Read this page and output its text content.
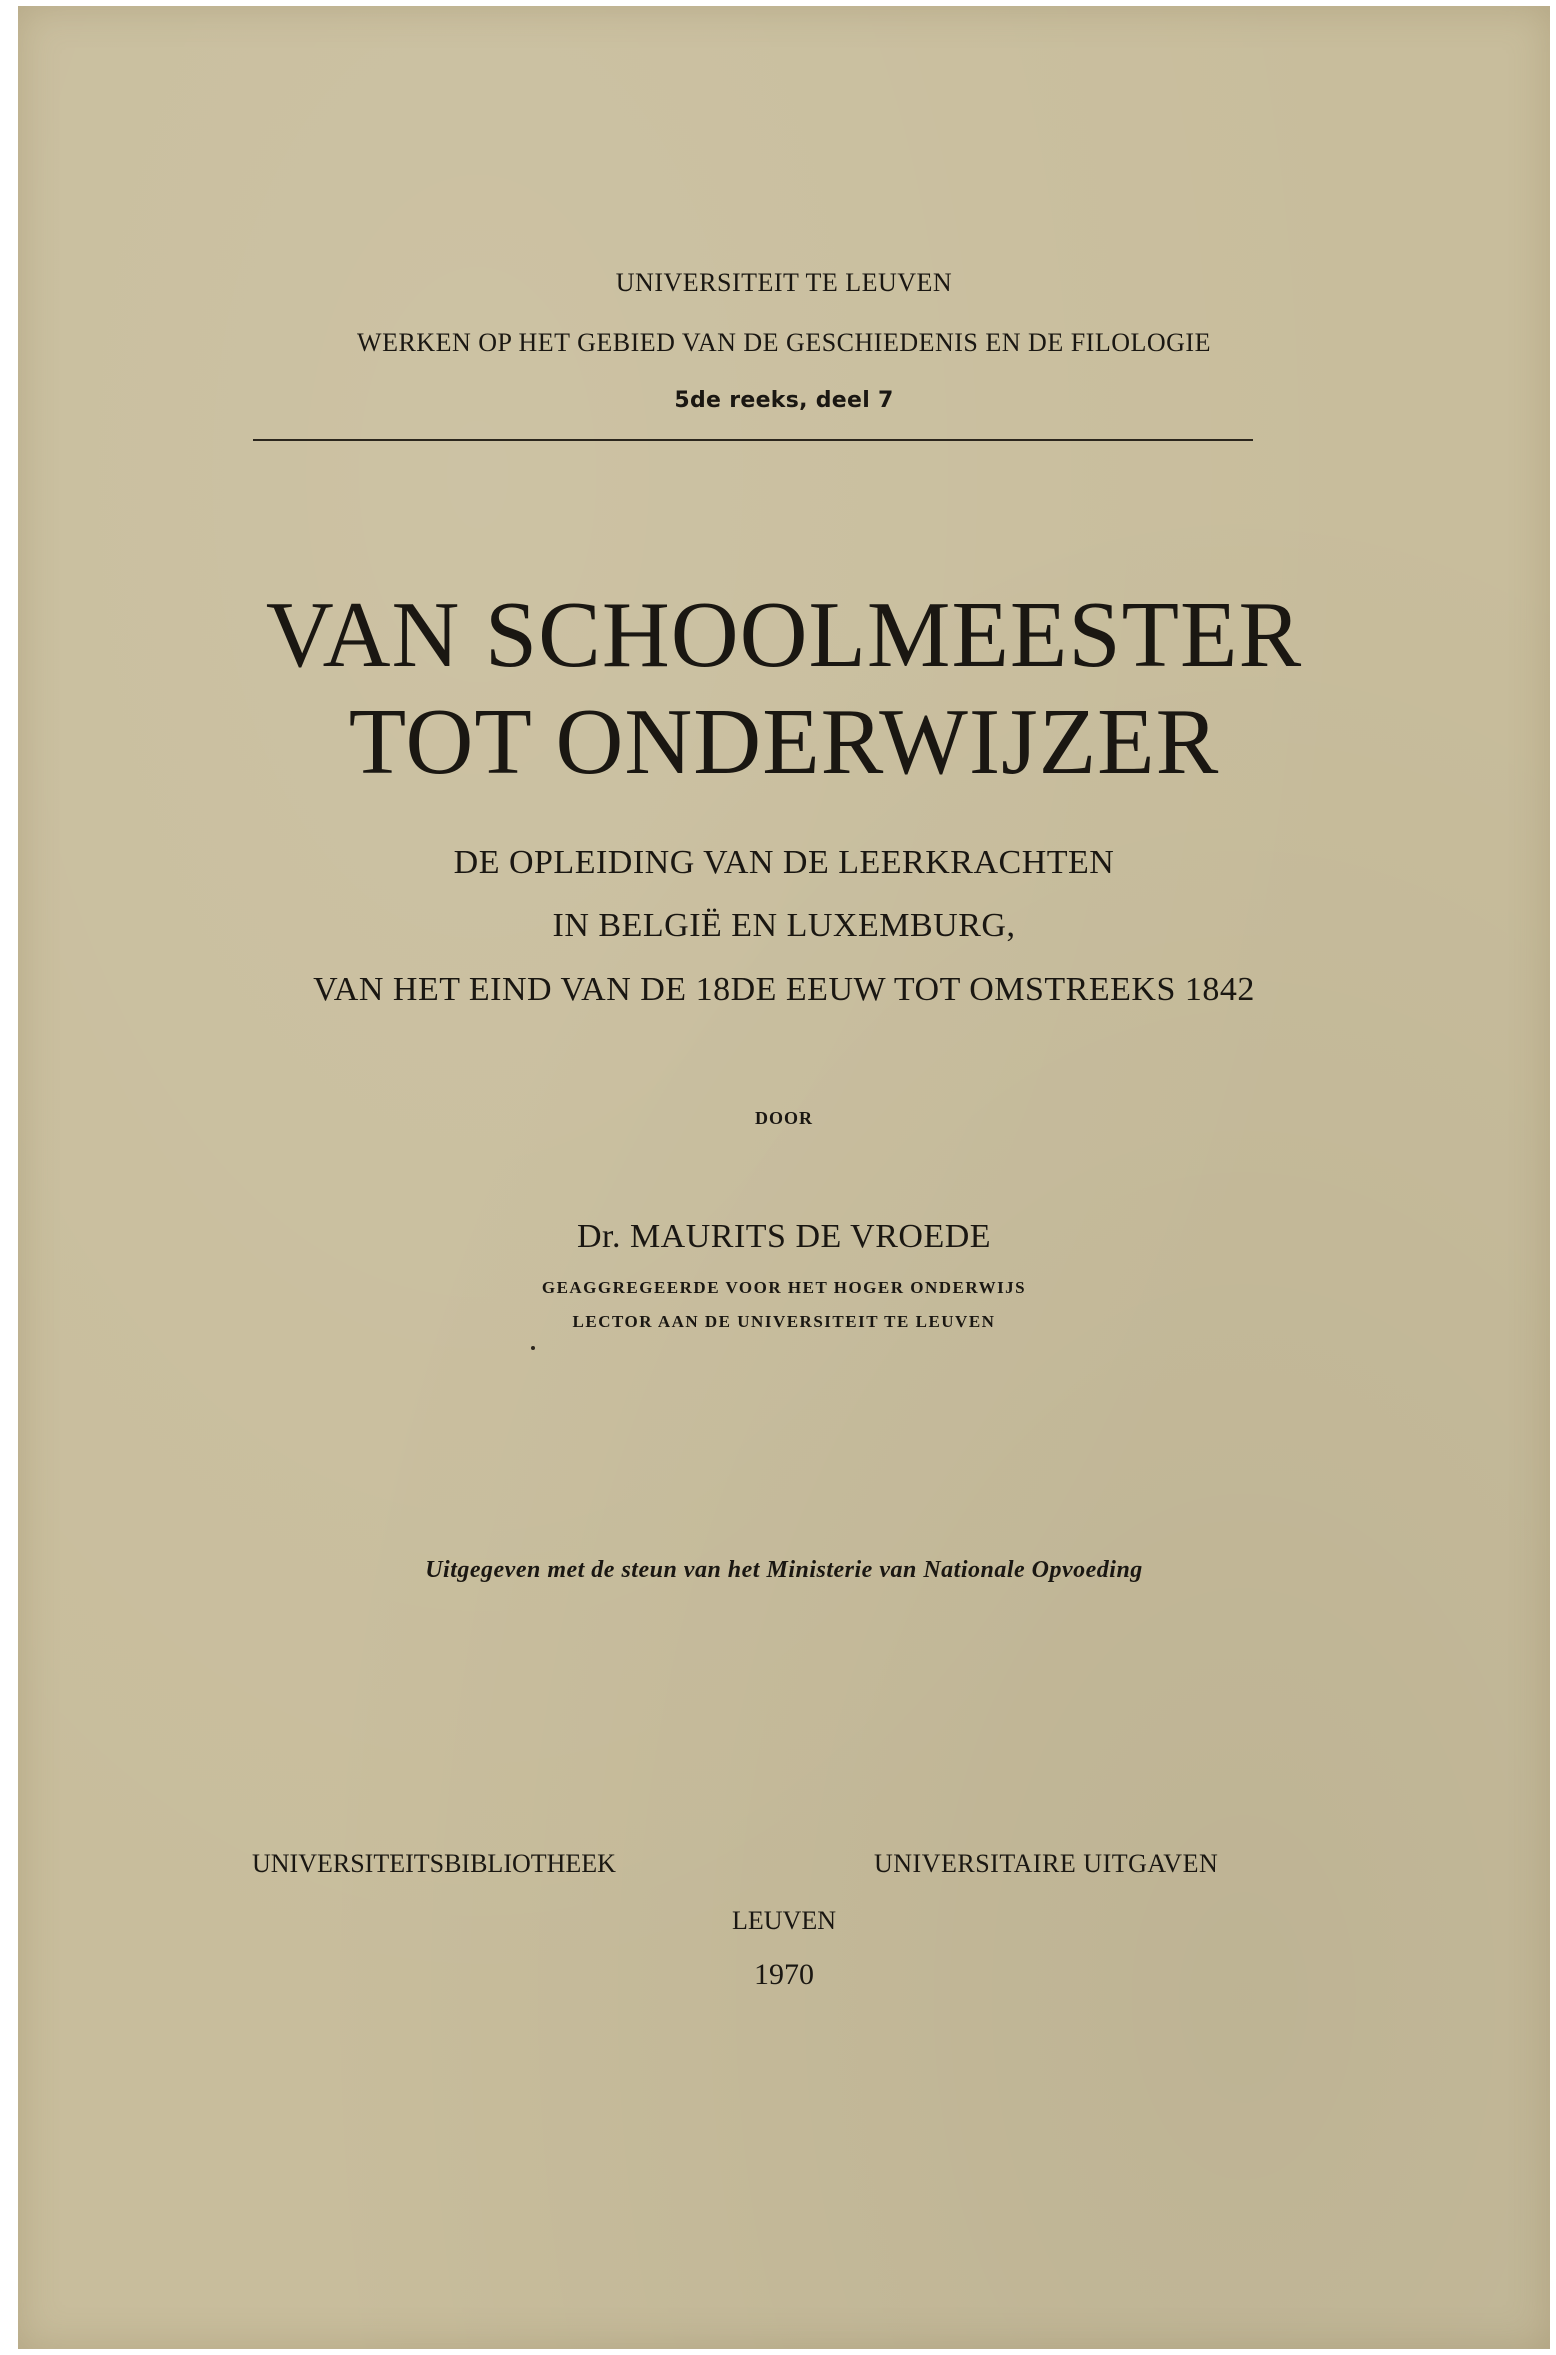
UNIVERSITEIT TE LEUVEN
WERKEN OP HET GEBIED VAN DE GESCHIEDENIS EN DE FILOLOGIE
5de reeks, deel 7
VAN SCHOOLMEESTER
TOT ONDERWIJZER
DE OPLEIDING VAN DE LEERKRACHTEN
IN BELGIË EN LUXEMBURG,
VAN HET EIND VAN DE 18DE EEUW TOT OMSTREEKS 1842
DOOR
Dr. MAURITS DE VROEDE
GEAGGREGEERDE VOOR HET HOGER ONDERWIJS
LECTOR AAN DE UNIVERSITEIT TE LEUVEN
Uitgegeven met de steun van het Ministerie van Nationale Opvoeding
UNIVERSITEITSBIBLIOTHEEK	UNIVERSITAIRE UITGAVEN
LEUVEN
1970
